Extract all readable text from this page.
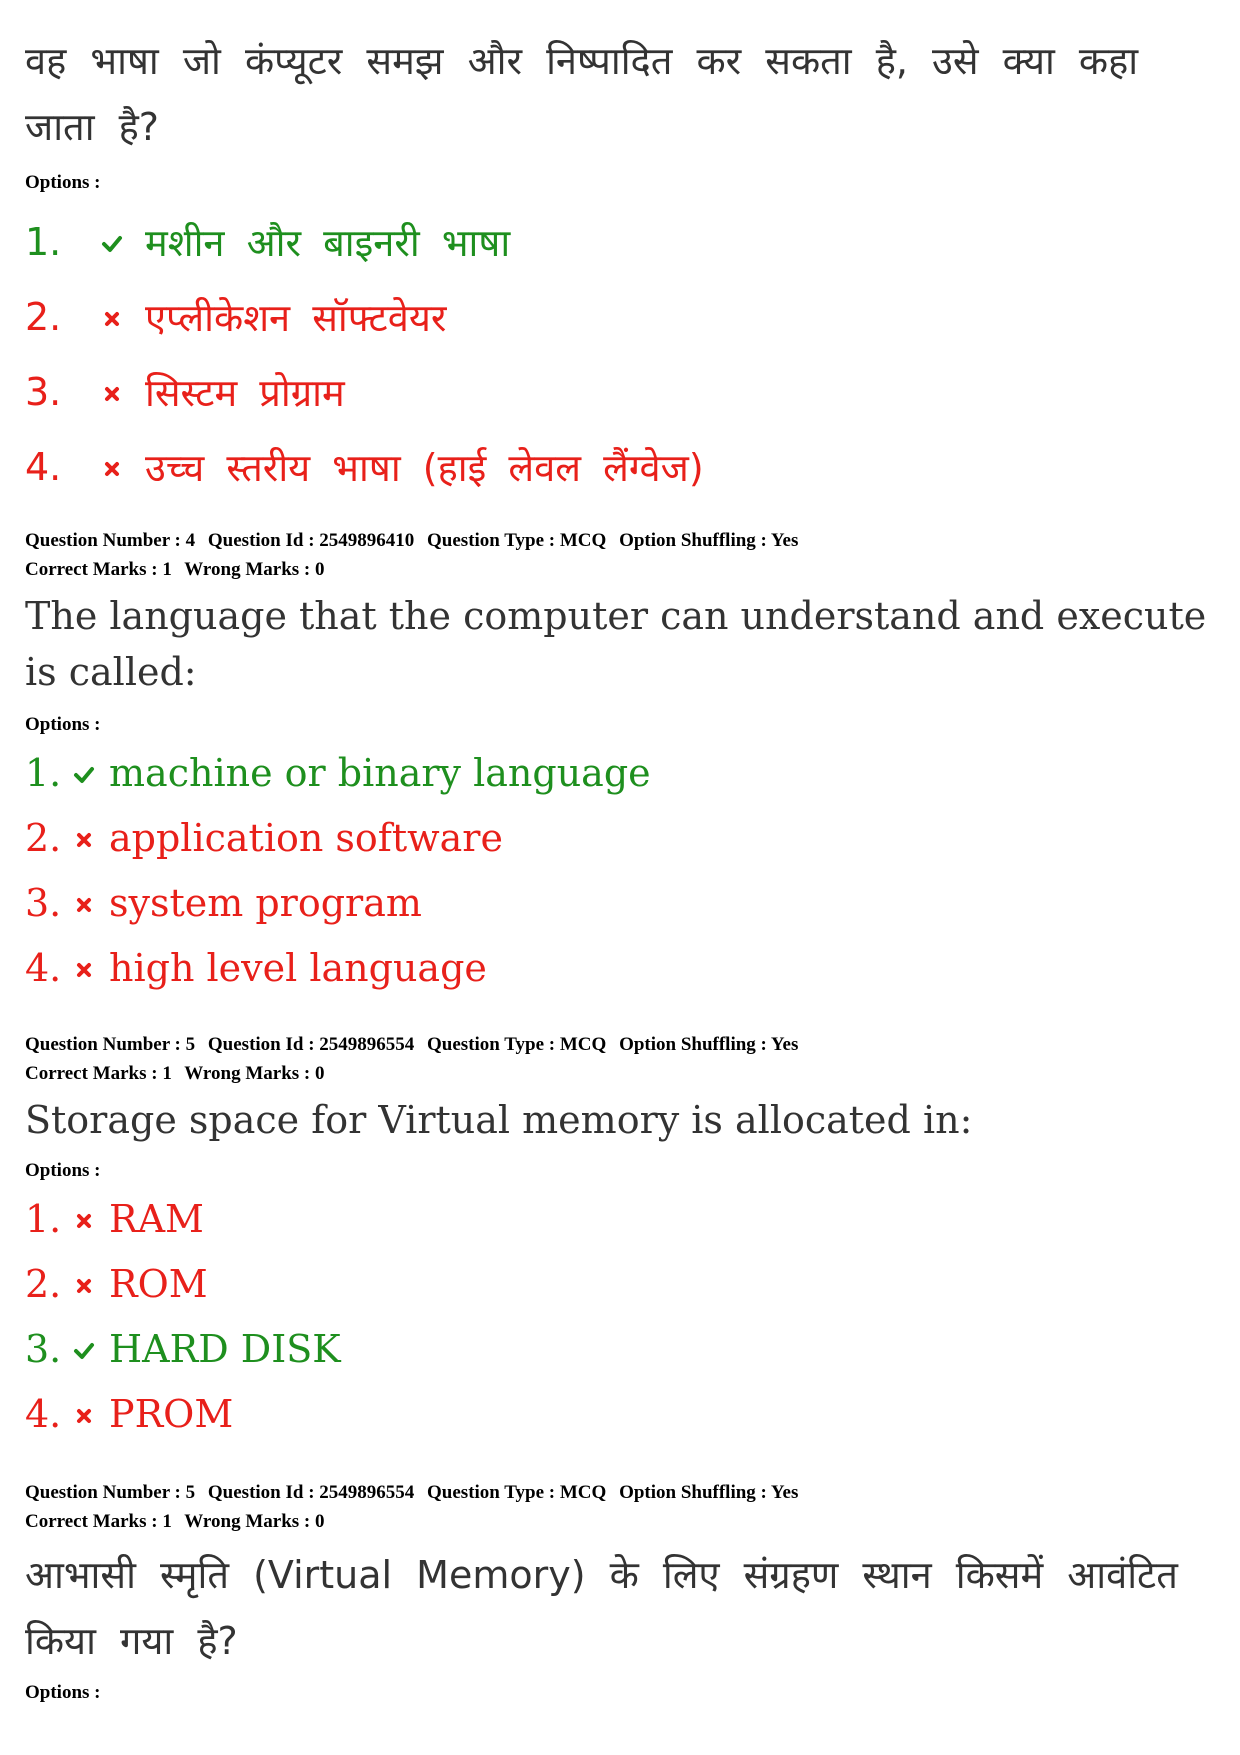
वह भाषा जो कंप्यूटर समझ और निष्पादित कर सकता है, उसे क्या कहा जाता है?

Options :

1.	मशीन और बाइनरी भाषा
2.	एप्लीकेशन सॉफ्टवेयर
3.	सिस्टम प्रोग्राम
4.	उच्च स्तरीय भाषा (हाई लेवल लैंग्वेज)

Question Number : 4 Question Id : 2549896410 Question Type : MCQ Option Shuffling : Yes

Correct Marks : 1 Wrong Marks : 0

The language that the computer can understand and execute is called:

Options :

1. machine or binary language
2. application software
3. system program
4. high level language

Question Number : 5 Question Id : 2549896554 Question Type : MCQ Option Shuffling : Yes

Correct Marks : 1 Wrong Marks : 0

Storage space for Virtual memory is allocated in:

Options :

1. RAM
2. ROM
3. HARD DISK
4. PROM

Question Number : 5 Question Id : 2549896554 Question Type : MCQ Option Shuffling : Yes

Correct Marks : 1 Wrong Marks : 0

आभासी स्मृति (Virtual Memory) के लिए संग्रहण स्थान किसमें आवंटित किया गया है?

Options :
